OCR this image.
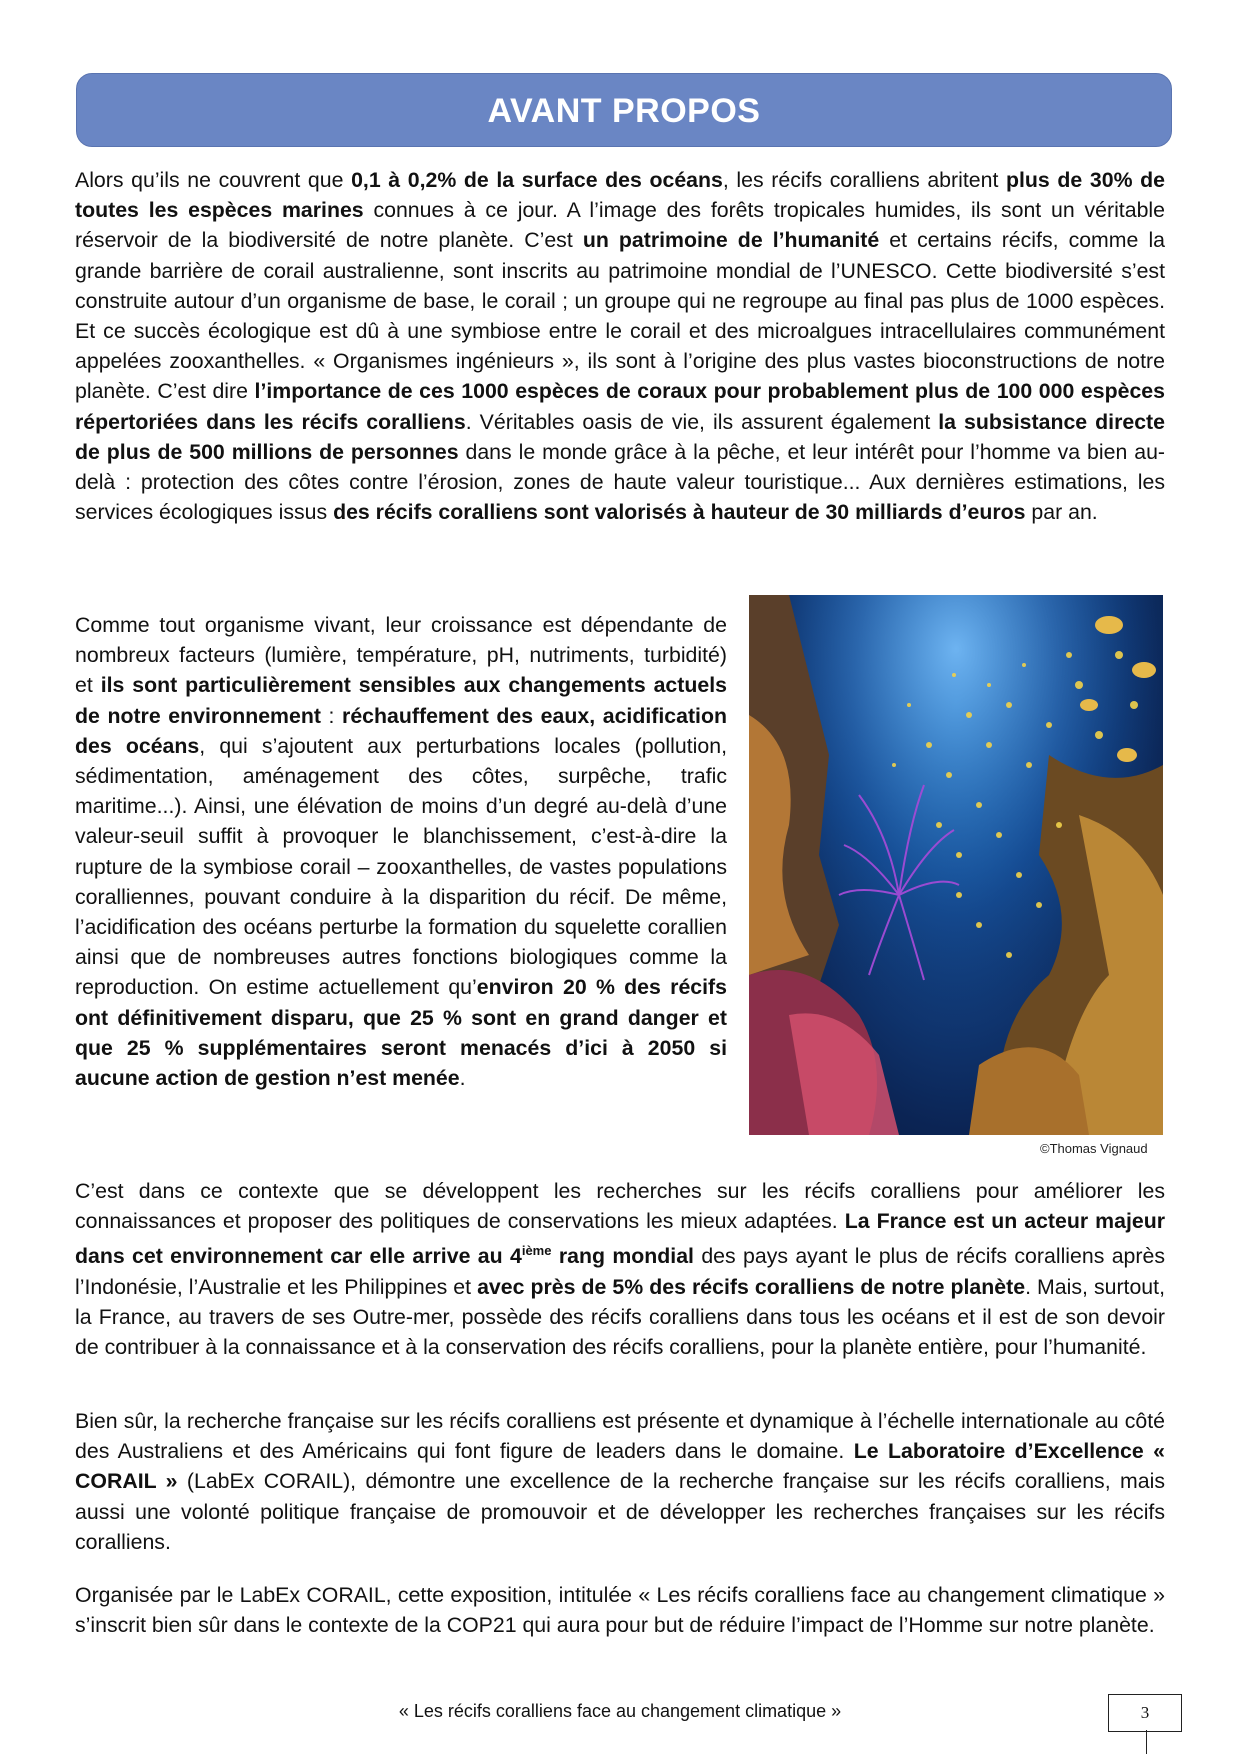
AVANT PROPOS

Alors qu’ils ne couvrent que 0,1 à 0,2% de la surface des océans, les récifs coralliens abritent plus de 30% de toutes les espèces marines connues à ce jour. A l’image des forêts tropicales humides, ils sont un véritable réservoir de la biodiversité de notre planète. C’est un patrimoine de l’humanité et certains récifs, comme la grande barrière de corail australienne, sont inscrits au patrimoine mondial de l’UNESCO. Cette biodiversité s’est construite autour d’un organisme de base, le corail ; un groupe qui ne regroupe au final pas plus de 1000 espèces. Et ce succès écologique est dû à une symbiose entre le corail et des microalgues intracellulaires communément appelées zooxanthelles. « Organismes ingénieurs », ils sont à l’origine des plus vastes bioconstructions de notre planète. C’est dire l’importance de ces 1000 espèces de coraux pour probablement plus de 100 000 espèces répertoriées dans les récifs coralliens. Véritables oasis de vie, ils assurent également la subsistance directe de plus de 500 millions de personnes dans le monde grâce à la pêche, et leur intérêt pour l’homme va bien au-delà : protection des côtes contre l’érosion, zones de haute valeur touristique... Aux dernières estimations, les services écologiques issus des récifs coralliens sont valorisés à hauteur de 30 milliards d’euros par an.

Comme tout organisme vivant, leur croissance est dépendante de nombreux facteurs (lumière, température, pH, nutriments, turbidité) et ils sont particulièrement sensibles aux changements actuels de notre environnement : réchauffement des eaux, acidification des océans, qui s’ajoutent aux perturbations locales (pollution, sédimentation, aménagement des côtes, surpêche, trafic maritime...). Ainsi, une élévation de moins d’un degré au-delà d’une valeur-seuil suffit à provoquer le blanchissement, c’est-à-dire la rupture de la symbiose corail – zooxanthelles, de vastes populations coralliennes, pouvant conduire à la disparition du récif. De même, l’acidification des océans perturbe la formation du squelette corallien ainsi que de nombreuses autres fonctions biologiques comme la reproduction. On estime actuellement qu’environ 20 % des récifs ont définitivement disparu, que 25 % sont en grand danger et que 25 % supplémentaires seront menacés d’ici à 2050 si aucune action de gestion n’est menée.

©Thomas Vignaud

C’est dans ce contexte que se développent les recherches sur les récifs coralliens pour améliorer les connaissances et proposer des politiques de conservations les mieux adaptées. La France est un acteur majeur dans cet environnement car elle arrive au 4ième rang mondial des pays ayant le plus de récifs coralliens après l’Indonésie, l’Australie et les Philippines et avec près de 5% des récifs coralliens de notre planète. Mais, surtout, la France, au travers de ses Outre-mer, possède des récifs coralliens dans tous les océans et il est de son devoir de contribuer à la connaissance et à la conservation des récifs coralliens, pour la planète entière, pour l’humanité.

Bien sûr, la recherche française sur les récifs coralliens est présente et dynamique à l’échelle internationale au côté des Australiens et des Américains qui font figure de leaders dans le domaine. Le Laboratoire d’Excellence « CORAIL » (LabEx CORAIL), démontre une excellence de la recherche française sur les récifs coralliens, mais aussi une volonté politique française de promouvoir et de développer les recherches françaises sur les récifs coralliens.

Organisée par le LabEx CORAIL, cette exposition, intitulée « Les récifs coralliens face au changement climatique » s’inscrit bien sûr dans le contexte de la COP21 qui aura pour but de réduire l’impact de l’Homme sur notre planète.

« Les récifs coralliens face au changement climatique »	3
